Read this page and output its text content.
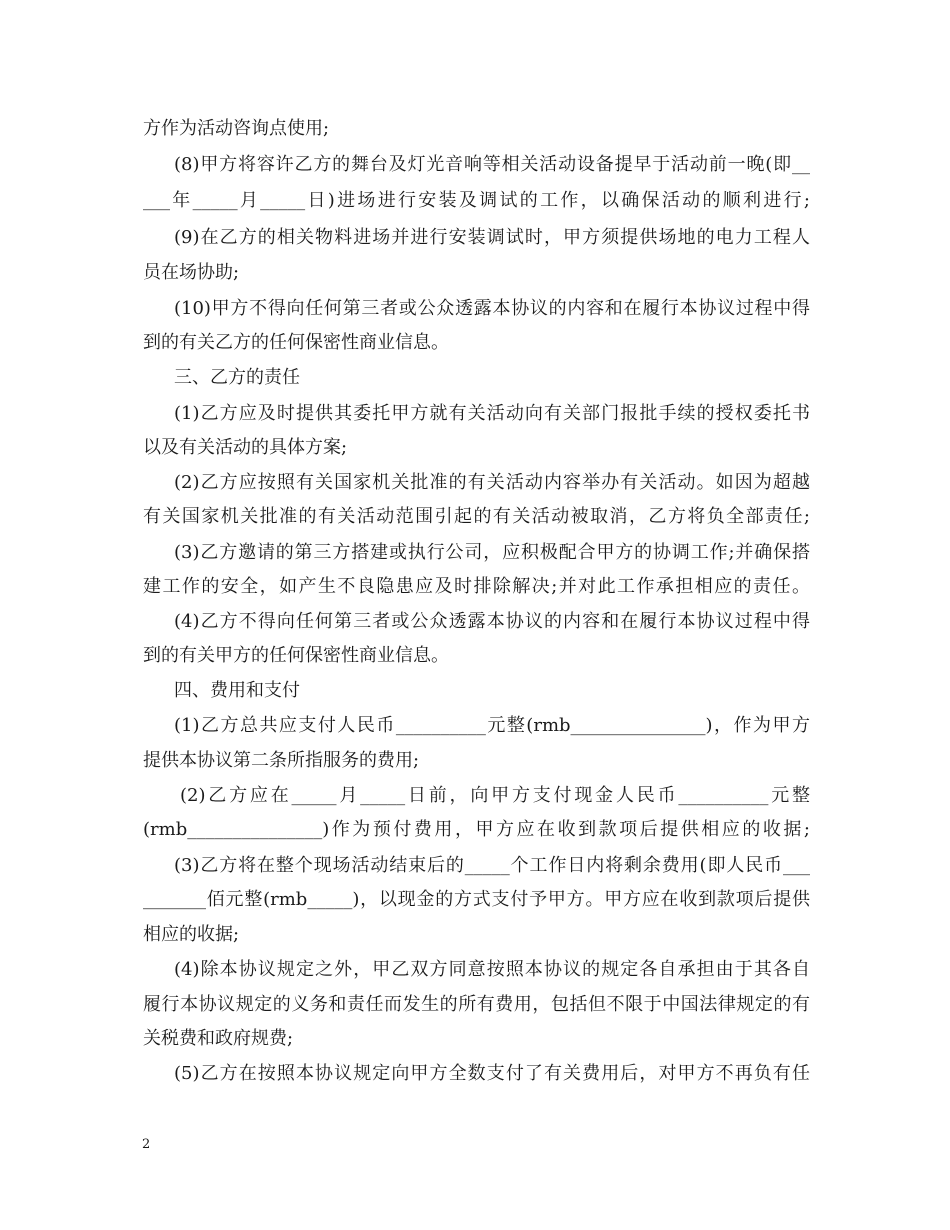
方作为活动咨询点使用;
(8)甲方将容许乙方的舞台及灯光音响等相关活动设备提早于活动前一晚(即__
___年_____月_____日)进场进行安装及调试的工作，以确保活动的顺利进行;
(9)在乙方的相关物料进场并进行安装调试时，甲方须提供场地的电力工程人
员在场协助;
(10)甲方不得向任何第三者或公众透露本协议的内容和在履行本协议过程中得
到的有关乙方的任何保密性商业信息。
三、乙方的责任
(1)乙方应及时提供其委托甲方就有关活动向有关部门报批手续的授权委托书
以及有关活动的具体方案;
(2)乙方应按照有关国家机关批准的有关活动内容举办有关活动。如因为超越
有关国家机关批准的有关活动范围引起的有关活动被取消，乙方将负全部责任;
(3)乙方邀请的第三方搭建或执行公司，应积极配合甲方的协调工作;并确保搭
建工作的安全，如产生不良隐患应及时排除解决;并对此工作承担相应的责任。
(4)乙方不得向任何第三者或公众透露本协议的内容和在履行本协议过程中得
到的有关甲方的任何保密性商业信息。
四、费用和支付
(1)乙方总共应支付人民币__________元整(rmb_______________)，作为甲方
提供本协议第二条所指服务的费用;
(2)乙方应在_____月_____日前，向甲方支付现金人民币__________元整
(rmb_______________)作为预付费用，甲方应在收到款项后提供相应的收据;
(3)乙方将在整个现场活动结束后的_____个工作日内将剩余费用(即人民币___
_______佰元整(rmb_____)，以现金的方式支付予甲方。甲方应在收到款项后提供
相应的收据;
(4)除本协议规定之外，甲乙双方同意按照本协议的规定各自承担由于其各自
履行本协议规定的义务和责任而发生的所有费用，包括但不限于中国法律规定的有
关税费和政府规费;
(5)乙方在按照本协议规定向甲方全数支付了有关费用后，对甲方不再负有任
2
